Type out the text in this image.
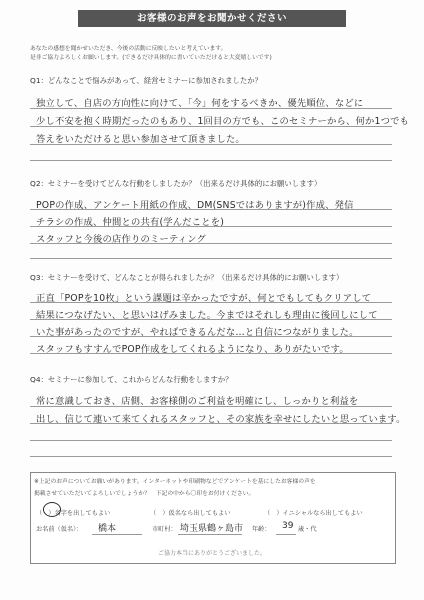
お客様のお声をお聞かせください
あなたの感想を聞かせいただき、今後の活動に反映したいと考えています。
是非ご協力よろしくお願いします。(できるだけ具体的に書いていただけると大変嬉しいです)
Q1：どんなことで悩みがあって、経営セミナーに参加されましたか？
独立して、自店の方向性に向けて、「今」何をするべきか、優先順位、などに
少し不安を抱く時期だったのもあり、1回目の方でも、このセミナーから、何か1つでも
答えをいただけると思い参加させて頂きました。
Q2：セミナーを受けてどんな行動をしましたか？（出来るだけ具体的にお願いします）
POPの作成、アンケート用紙の作成、DM(SNSではありますが)作成、発信
チラシの作成、仲間との共有(学んだことを)
スタッフと今後の店作りのミーティング
Q3：セミナーを受けて、どんなことが得られましたか？（出来るだけ具体的にお願いします）
正直「POPを10枚」という課題は辛かったですが、何とでもしてもクリアして
結果につなげたい、と思いはげみました。今まではそれしも理由に後回しにして
いた事があったのですが、やればできるんだな…と自信につながりました。
スタッフもすすんでPOP作成をしてくれるようになり、ありがたいです。
Q4：セミナーに参加して、これからどんな行動をしますか？
常に意識しておき、店側、お客様側のご利益を明確にし、しっかりと利益を
出し、信じて連いて来てくれるスタッフと、その家族を幸せにしたいと思っています。
※上記のお声についてお願いがあります。インターネットや印刷物などでアンケートを基にしたお客様の声を
掲載させていただいてよろしいでしょうか？　下記の中から〇印をお付けください。
（　）名字を出してもよい	（　）仮名なら出してもよい	（　）イニシャルなら出してもよい
お名前（仮名）： 橋本	市町村： 埼玉県鶴ヶ島市 年齢： 39 歳・代
ご協力本当にありがとうございました。
